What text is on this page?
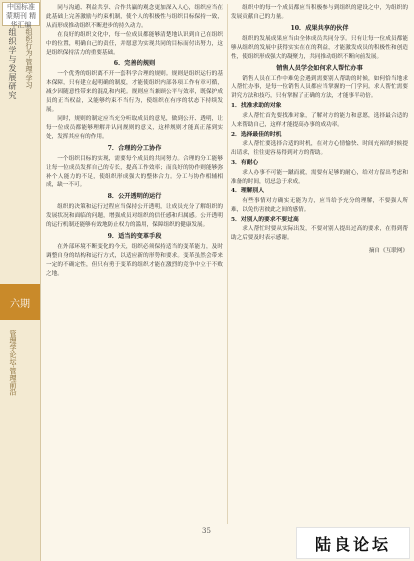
中国标准 蒙期刊 精华汇编
组织学与发展研究	组织行为·管理·学习
六期
管理学论坛·管理前沿

同与沟通、利益共享、合作共赢的观念更加深入人心，组织应当在此基础上完善激励与约束机制，使个人的积极性与组织目标保持一致，从而形成推动组织不断进步的持久动力。

在良好的组织文化中，每一位成员都能够清楚地认识到自己在组织中的位置，明确自己的责任，并愿意为实现共同的目标而付出努力，这是组织保持活力的重要基础。

6．完善的规则

一个优秀的组织离不开一套科学合理的规则。规则是组织运行的基本保障，只有建立起明确的制度，才能使组织内部各项工作有章可循，减少因随意性带来的混乱和内耗。规则应当兼顾公平与效率，既保护成员的正当权益，又能够约束不当行为，使组织在有序的状态下持续发展。

同时，规则的制定应当充分听取成员的意见，做到公开、透明，让每一位成员都能够理解并认同规则的意义，这样规则才能真正落到实处，发挥其应有的作用。

7．合理的分工协作

一个组织目标的实现，需要每个成员的共同努力。合理的分工能够让每一位成员发挥自己的专长，提高工作效率；而良好的协作则能够弥补个人能力的不足，使组织形成强大的整体合力。分工与协作相辅相成，缺一不可。

8．公开透明的运行

组织的决策和运行过程应当保持公开透明，让成员充分了解组织的发展状况和面临的问题，增强成员对组织的信任感和归属感。公开透明的运行机制还能够有效地防止权力的滥用，保障组织的健康发展。

9．适当的变革手段

在外部环境不断变化的今天，组织必须保持适当的变革能力，及时调整自身的结构和运行方式，以适应新的形势和要求。变革虽然会带来一定的不确定性，但只有勇于变革的组织才能在激烈的竞争中立于不败之地。

组织中的每一个成员都应当积极参与到组织的建设之中，为组织的发展贡献自己的力量。

10．成果共享的伙伴

组织的发展成果应当由全体成员共同分享。只有让每一位成员都能够从组织的发展中获得实实在在的利益，才能激发成员的积极性和创造性，使组织形成强大的凝聚力，共同推动组织不断向前发展。

销售人员学会如何求人帮忙办事

销售人员在工作中难免会遇到需要别人帮助的时候，如何恰当地求人帮忙办事，是每一位销售人员都应当掌握的一门学问。求人帮忙需要讲究方法和技巧，只有掌握了正确的方法，才能事半功倍。

1．找准求助的对象

求人帮忙首先要找准对象，了解对方的能力和意愿，选择最合适的人来帮助自己，这样才能提高办事的成功率。

2．选择最佳的时机

求人帮忙要选择合适的时机，在对方心情愉快、时间充裕的时候提出请求，往往更容易得到对方的帮助。

3．有耐心

求人办事不可能一蹴而就，需要有足够的耐心，给对方留出考虑和准备的时间，切忌急于求成。

4．理解别人

有些事情对方确实无能为力，应当给予充分的理解，不要强人所难，以免伤害彼此之间的感情。

5．对别人的要求不要过高

求人帮忙时要从实际出发，不要对别人提出过高的要求，在得到帮助之后要及时表示感谢。

摘自《互联网》

35
陆良论坛
